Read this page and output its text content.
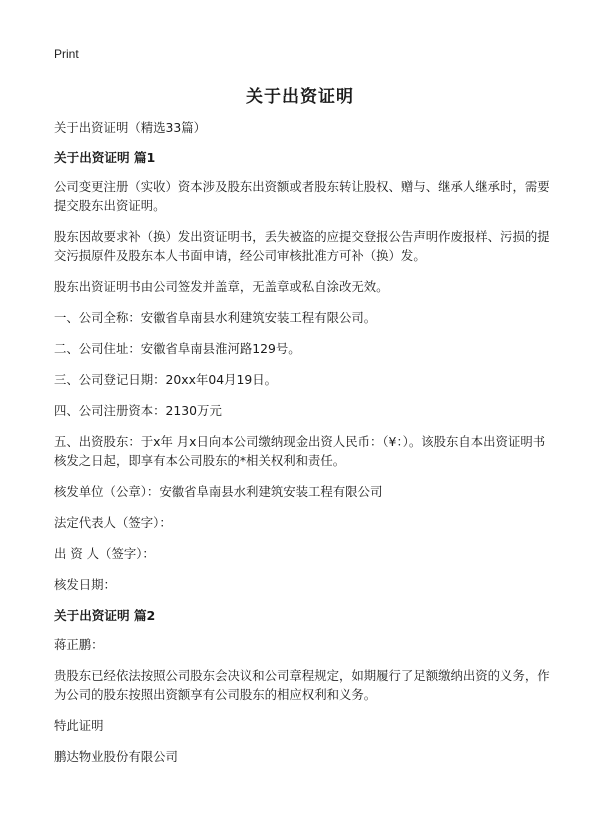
Print
关于出资证明

关于出资证明（精选33篇）

关于出资证明 篇1

公司变更注册（实收）资本涉及股东出资额或者股东转让股权、赠与、继承人继承时，需要提交股东出资证明。

股东因故要求补（换）发出资证明书，丢失被盗的应提交登报公告声明作废报样、污损的提交污损原件及股东本人书面申请，经公司审核批准方可补（换）发。

股东出资证明书由公司签发并盖章，无盖章或私自涂改无效。

一、公司全称：安徽省阜南县水利建筑安装工程有限公司。

二、公司住址：安徽省阜南县淮河路129号。

三、公司登记日期：20xx年04月19日。

四、公司注册资本：2130万元

五、出资股东：于x年 月x日向本公司缴纳现金出资人民币：（¥：）。该股东自本出资证明书核发之日起，即享有本公司股东的*相关权利和责任。

核发单位（公章）：安徽省阜南县水利建筑安装工程有限公司

法定代表人（签字）：

出 资 人（签字）：

核发日期：

关于出资证明 篇2

蒋正鹏：

贵股东已经依法按照公司股东会决议和公司章程规定，如期履行了足额缴纳出资的义务，作为公司的股东按照出资额享有公司股东的相应权利和义务。

特此证明

鹏达物业股份有限公司
